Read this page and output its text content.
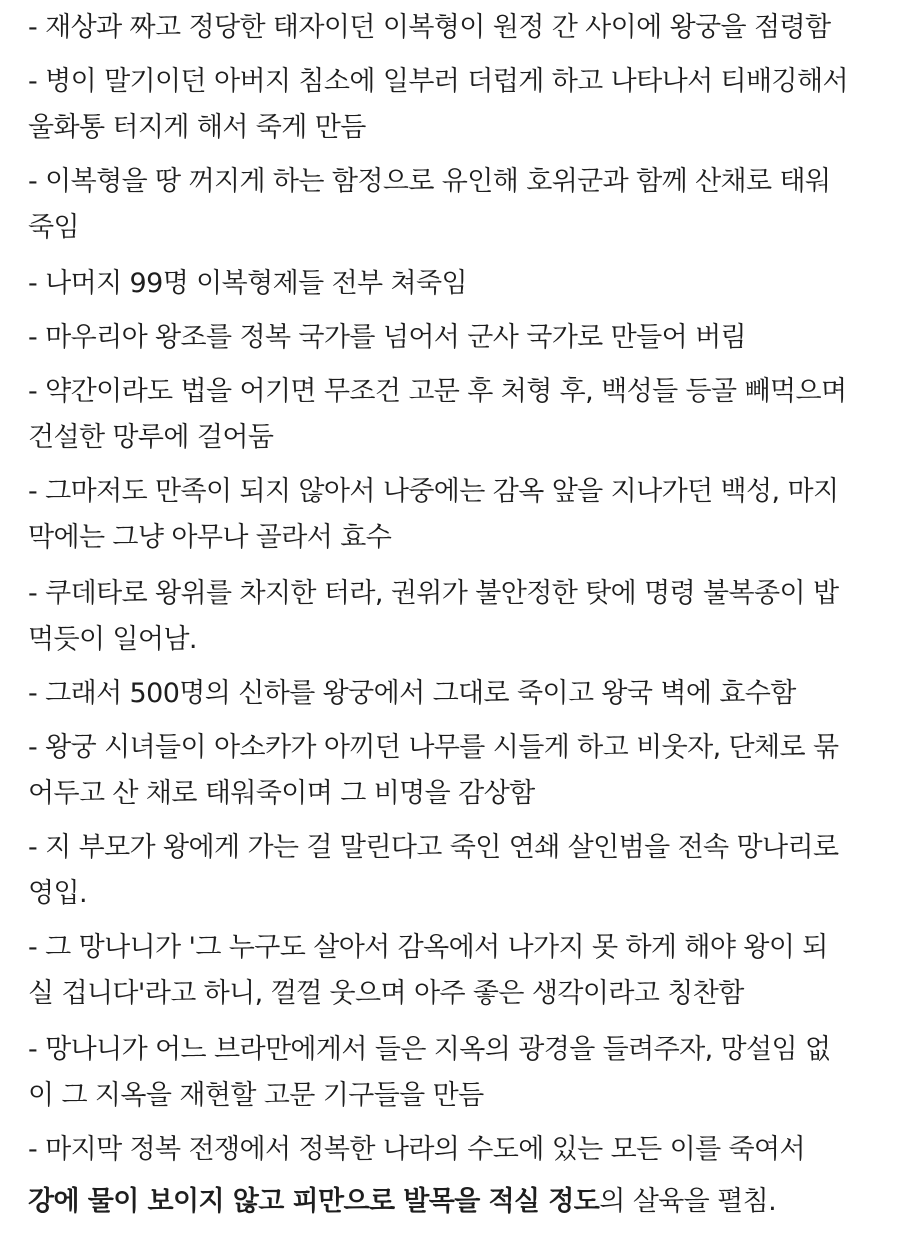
- 재상과 짜고 정당한 태자이던 이복형이 원정 간 사이에 왕궁을 점령함
- 병이 말기이던 아버지 침소에 일부러 더럽게 하고 나타나서 티배깅해서
울화통 터지게 해서 죽게 만듬
- 이복형을 땅 꺼지게 하는 함정으로 유인해 호위군과 함께 산채로 태워
죽임
- 나머지 99명 이복형제들 전부 쳐죽임
- 마우리아 왕조를 정복 국가를 넘어서 군사 국가로 만들어 버림
- 약간이라도 법을 어기면 무조건 고문 후 처형 후, 백성들 등골 빼먹으며
건설한 망루에 걸어둠
- 그마저도 만족이 되지 않아서 나중에는 감옥 앞을 지나가던 백성, 마지
막에는 그냥 아무나 골라서 효수
- 쿠데타로 왕위를 차지한 터라, 권위가 불안정한 탓에 명령 불복종이 밥
먹듯이 일어남.
- 그래서 500명의 신하를 왕궁에서 그대로 죽이고 왕국 벽에 효수함
- 왕궁 시녀들이 아소카가 아끼던 나무를 시들게 하고 비웃자, 단체로 묶
어두고 산 채로 태워죽이며 그 비명을 감상함
- 지 부모가 왕에게 가는 걸 말린다고 죽인 연쇄 살인범을 전속 망나리로
영입.
- 그 망나니가 '그 누구도 살아서 감옥에서 나가지 못 하게 해야 왕이 되
실 겁니다'라고 하니, 껄껄 웃으며 아주 좋은 생각이라고 칭찬함
- 망나니가 어느 브라만에게서 들은 지옥의 광경을 들려주자, 망설임 없
이 그 지옥을 재현할 고문 기구들을 만듬
- 마지막 정복 전쟁에서 정복한 나라의 수도에 있는 모든 이를 죽여서
강에 물이 보이지 않고 피만으로 발목을 적실 정도의 살육을 펼침.
